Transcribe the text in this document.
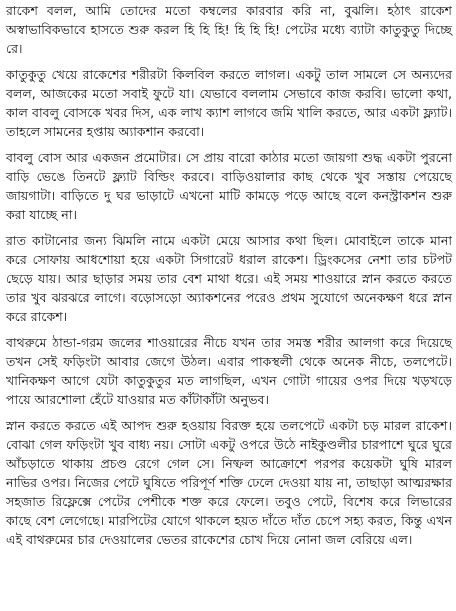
রাকেশ বলল, আমি তোদের মতো কম্বলের কারবার করি না, বুঝলি। হঠাৎ রাকেশ অস্বাভাবিকভাবে হাসতে শুরু করল হি হি হি! হি হি হি! পেটের মধ্যে ব্যাটা কাতুকুতু দিচ্ছে রে।

কাতুকুতু খেয়ে রাকেশের শরীরটা কিলবিল করতে লাগল। একটু তাল সামলে সে অন্যদের বলল, আজকের মতো সবাই ফুটে যা। যেভাবে বললাম সেভাবে কাজ করবি। ভালো কথা, কাল বাবলু বোসকে খবর দিস, এক লাখ ক্যাশ লাগবে জমি খালি করতে, আর একটা ফ্ল্যাট। তাহলে সামনের হপ্তায় অ্যাকশান করবো।

বাবলু বোস আর একজন প্রমোটার। সে প্রায় বারো কাঠার মতো জায়গা শুদ্ধ একটা পুরনো বাড়ি ভেঙে তিনটে ফ্ল্যাট বিল্ডিং করবে। বাড়িওয়ালার কাছ থেকে খুব সস্তায় পেয়েছে জায়গাটা। বাড়িতে দু ঘর ভাড়াটে এখনো মাটি কামড়ে পড়ে আছে বলে কনস্ট্রাকশন শুরু করা যাচ্ছে না।

রাত কাটানোর জন্য ঝিমলি নামে একটা মেয়ে আসার কথা ছিল। মোবাইলে তাকে মানা করে সোফায় আধশোয়া হয়ে একটা সিগারেট ধরাল রাকেশ। ড্রিংকসের নেশা তার চটপট ছেড়ে যায়। আর ছাড়ার সময় তার বেশ মাথা ধরে। এই সময় শাওয়ারে স্নান করতে করতে তার খুব ঝরঝরে লাগে। বড়োসড়ো অ্যাকশনের পরেও প্রথম সুযোগে অনেকক্ষণ ধরে স্নান করে রাকেশ।

বাথরুমে ঠান্ডা-গরম জলের শাওয়ারের নীচে যখন তার সমস্ত শরীর আলগা করে দিয়েছে তখন সেই ফড়িংটা আবার জেগে উঠল। এবার পাকস্থলী থেকে অনেক নীচে, তলপেটে। খানিকক্ষণ আগে যেটা কাতুকুতুর মত লাগছিল, এখন গোটা গায়ের ওপর দিয়ে খড়খড়ে পায়ে আরশোলা হেঁটে যাওয়ার মত কাঁটাকাঁটা অনুভব।

স্নান করতে করতে এই আপদ শুরু হওয়ায় বিরক্ত হয়ে তলপেটে একটা চড় মারল রাকেশ। বোঝা গেল ফড়িংটা খুব বাধ্য নয়। সোটা একটু ওপরে উঠে নাইকুণ্ডলীর চারপাশে ঘুরে ঘুরে আঁচড়াতে থাকায় প্রচণ্ড রেগে গেল সে। নিষ্ফল আক্রোশে পরপর কয়েকটা ঘুষি মারল নাভির ওপর। নিজের পেটে ঘুষিতে পরিপূর্ণ শক্তি ঢেলে দেওয়া যায় না, তাছাড়া আত্মরক্ষার সহজাত রিফ্লেক্সে পেটের পেশীকে শক্ত করে ফেলে। তবুও পেটে, বিশেষ করে লিভারের কাছে বেশ লেগেছে। মারপিটের যোগে থাকলে হয়ত দাঁতে দাঁত চেপে সহ্য করত, কিন্তু এখন এই বাথরুমের চার দেওয়ালের ভেতর রাকেশের চোখ দিয়ে নোনা জল বেরিয়ে এল।
